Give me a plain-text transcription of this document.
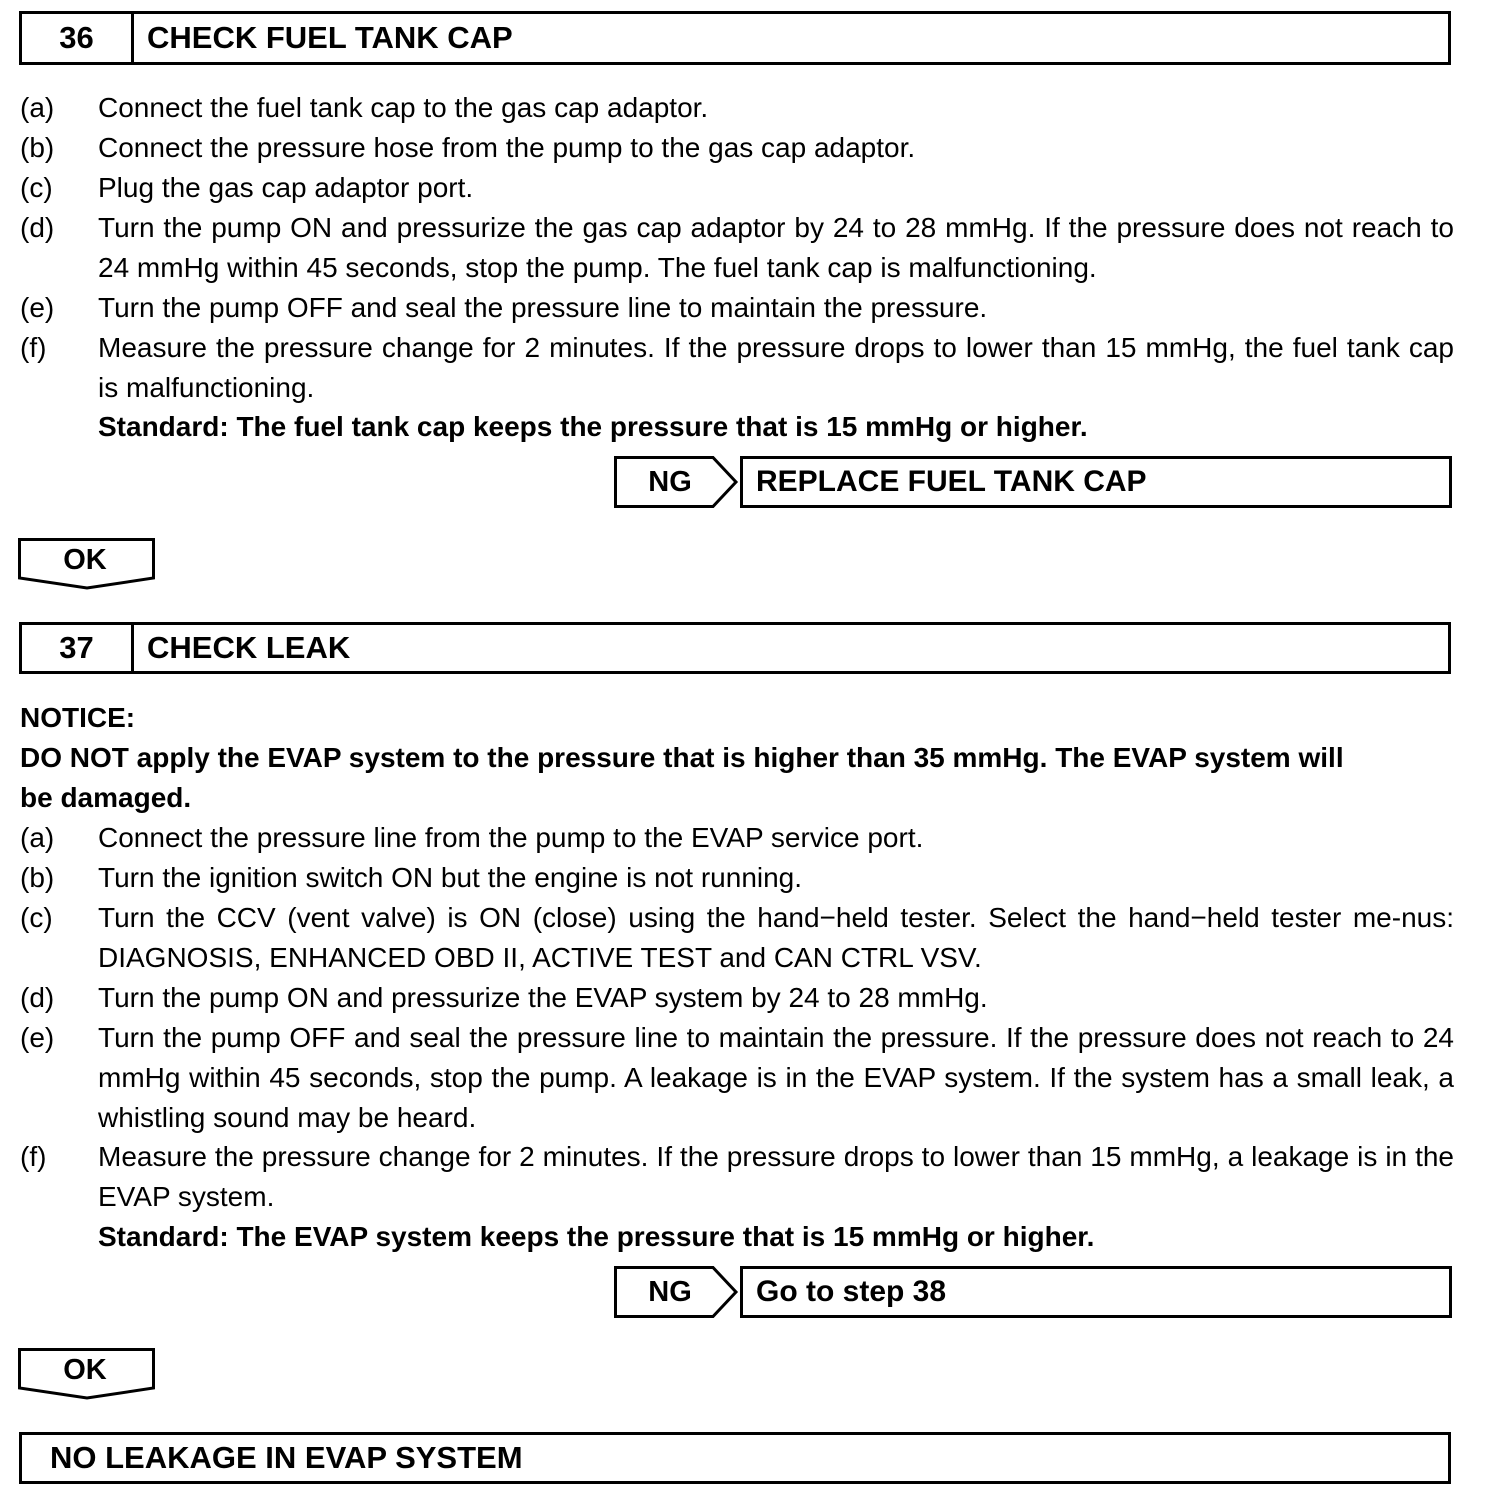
36	CHECK FUEL TANK CAP
(a)	Connect the fuel tank cap to the gas cap adaptor.
(b)	Connect the pressure hose from the pump to the gas cap adaptor.
(c)	Plug the gas cap adaptor port.
(d)	Turn the pump ON and pressurize the gas cap adaptor by 24 to 28 mmHg. If the pressure does not reach to 24 mmHg within 45 seconds, stop the pump. The fuel tank cap is malfunctioning.
(e)	Turn the pump OFF and seal the pressure line to maintain the pressure.
(f)	Measure the pressure change for 2 minutes. If the pressure drops to lower than 15 mmHg, the fuel tank cap is malfunctioning.
Standard: The fuel tank cap keeps the pressure that is 15 mmHg or higher.
NG	REPLACE FUEL TANK CAP
OK
37	CHECK LEAK
NOTICE:
DO NOT apply the EVAP system to the pressure that is higher than 35 mmHg. The EVAP system will
be damaged.
(a)	Connect the pressure line from the pump to the EVAP service port.
(b)	Turn the ignition switch ON but the engine is not running.
(c)	Turn the CCV (vent valve) is ON (close) using the hand−held tester. Select the hand−held tester me-nus: DIAGNOSIS, ENHANCED OBD II, ACTIVE TEST and CAN CTRL VSV.
(d)	Turn the pump ON and pressurize the EVAP system by 24 to 28 mmHg.
(e)	Turn the pump OFF and seal the pressure line to maintain the pressure. If the pressure does not reach to 24 mmHg within 45 seconds, stop the pump. A leakage is in the EVAP system. If the system has a small leak, a whistling sound may be heard.
(f)	Measure the pressure change for 2 minutes. If the pressure drops to lower than 15 mmHg, a leakage is in the EVAP system.
Standard: The EVAP system keeps the pressure that is 15 mmHg or higher.
NG	Go to step 38
OK
NO LEAKAGE IN EVAP SYSTEM
